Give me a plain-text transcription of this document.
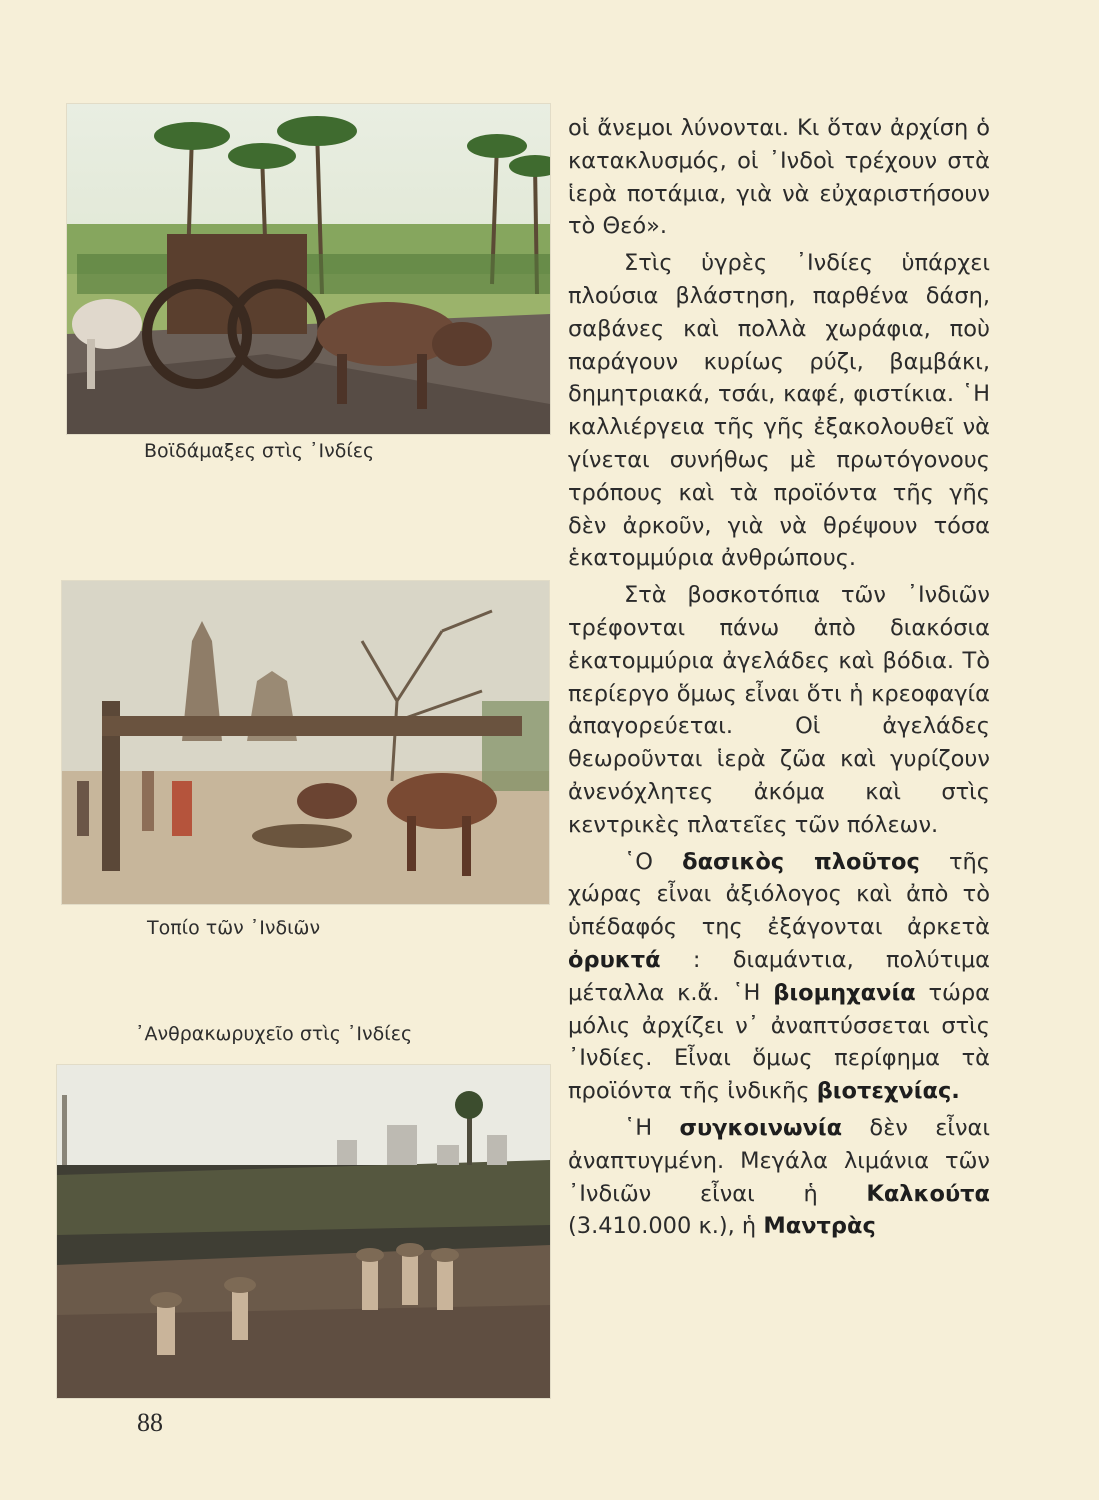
Βοϊδάμαξες στὶς ᾿Ινδίες
Τοπίο τῶν ᾿Ινδιῶν
᾿Ανθρακωρυχεῖο στὶς ᾿Ινδίες

οἱ ἄνεμοι λύνονται. Κι ὅταν ἀρχίση ὁ κατακλυσμός, οἱ ᾿Ινδοὶ τρέχουν στὰ ἱερὰ ποτάμια, γιὰ νὰ εὐχαριστήσουν τὸ Θεό».

Στὶς ὑγρὲς ᾿Ινδίες ὑπάρχει πλούσια βλάστηση, παρθένα δάση, σαβάνες καὶ πολλὰ χωράφια, ποὺ παράγουν κυρίως ρύζι, βαμβάκι, δημητριακά, τσάι, καφέ, φιστίκια. ῾Η καλλιέργεια τῆς γῆς ἐξακολουθεῖ νὰ γίνεται συνήθως μὲ πρωτόγονους τρόπους καὶ τὰ προϊόντα τῆς γῆς δὲν ἀρκοῦν, γιὰ νὰ θρέψουν τόσα ἑκατομμύρια ἀνθρώπους.

Στὰ βοσκοτόπια τῶν ᾿Ινδιῶν τρέφονται πάνω ἀπὸ διακόσια ἑκατομμύρια ἀγελάδες καὶ βόδια. Τὸ περίεργο ὅμως εἶναι ὅτι ἡ κρεοφαγία ἀπαγορεύεται. Οἱ ἀγελάδες θεωροῦνται ἱερὰ ζῶα καὶ γυρίζουν ἀνενόχλητες ἀκόμα καὶ στὶς κεντρικὲς πλατεῖες τῶν πόλεων.

῾Ο δασικὸς πλοῦτος τῆς χώρας εἶναι ἀξιόλογος καὶ ἀπὸ τὸ ὑπέδαφός της ἐξάγονται ἀρκετὰ ὀρυκτά : διαμάντια, πολύτιμα μέταλλα κ.ἄ. ῾Η βιομηχανία τώρα μόλις ἀρχίζει ν᾿ ἀναπτύσσεται στὶς ᾿Ινδίες. Εἶναι ὅμως περίφημα τὰ προϊόντα τῆς ἰνδικῆς βιοτεχνίας.

῾Η συγκοινωνία δὲν εἶναι ἀναπτυγμένη. Μεγάλα λιμάνια τῶν ᾿Ινδιῶν εἶναι ἡ Καλκούτα (3.410.000 κ.), ἡ Μαντρὰς

88
